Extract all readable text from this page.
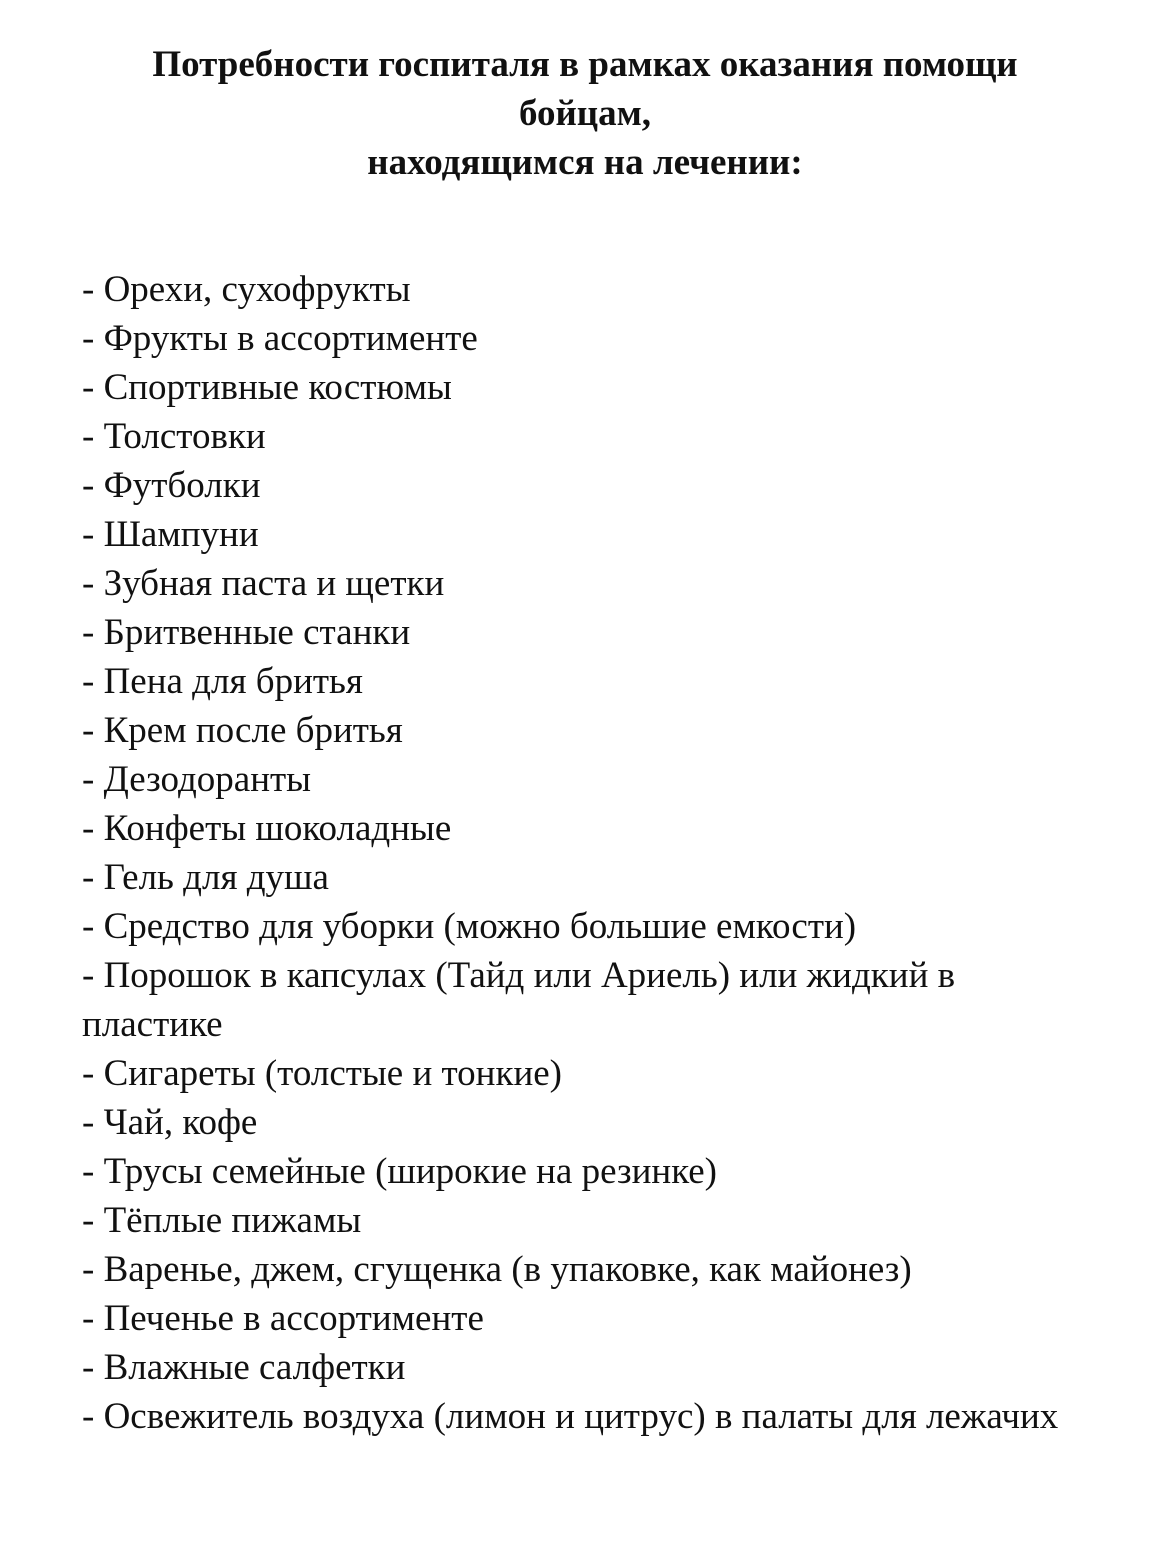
Потребности госпиталя в рамках оказания помощи
бойцам,
находящимся на лечении:
- Орехи, сухофрукты
- Фрукты в ассортименте
- Спортивные костюмы
- Толстовки
- Футболки
- Шампуни
- Зубная паста и щетки
- Бритвенные станки
- Пена для бритья
- Крем после бритья
- Дезодоранты
- Конфеты шоколадные
- Гель для душа
- Средство для уборки (можно большие емкости)
- Порошок в капсулах (Тайд или Ариель) или жидкий в пластике
- Сигареты (толстые и тонкие)
- Чай, кофе
- Трусы семейные (широкие на резинке)
- Тёплые пижамы
- Варенье, джем, сгущенка (в упаковке, как майонез)
- Печенье в ассортименте
- Влажные салфетки
- Освежитель воздуха (лимон и цитрус) в палаты для лежачих
